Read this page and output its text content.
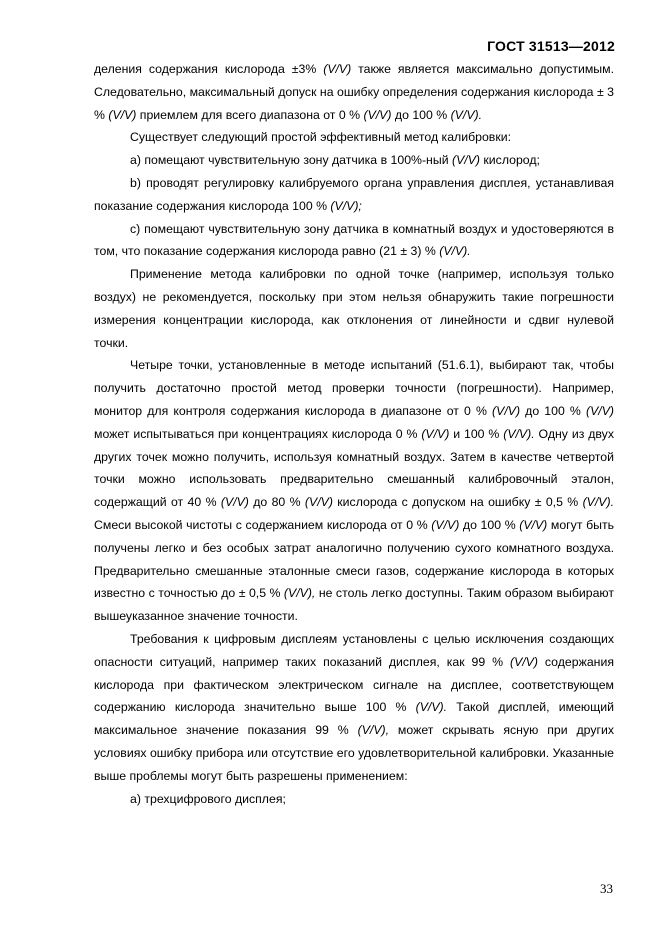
ГОСТ 31513—2012

деления содержания кислорода ±3% (V/V) также является максимально допустимым. Следовательно, максимальный допуск на ошибку определения содержания кислорода ± 3 % (V/V) приемлем для всего диапазона от 0 % (V/V) до 100 % (V/V).

Существует следующий простой эффективный метод калибровки:

а) помещают чувствительную зону датчика в 100%-ный (V/V) кислород;

b) проводят регулировку калибруемого органа управления дисплея, устанавливая показание содержания кислорода 100 % (V/V);

с) помещают чувствительную зону датчика в комнатный воздух и удостоверяются в том, что показание содержания кислорода равно (21 ± 3) % (V/V).

Применение метода калибровки по одной точке (например, используя только воздух) не рекомендуется, поскольку при этом нельзя обнаружить такие погрешности измерения концентрации кислорода, как отклонения от линейности и сдвиг нулевой точки.

Четыре точки, установленные в методе испытаний (51.6.1), выбирают так, чтобы получить достаточно простой метод проверки точности (погрешности). Например, монитор для контроля содержания кислорода в диапазоне от 0 % (V/V) до 100 % (V/V) может испытываться при концентрациях кислорода 0 % (V/V) и 100 % (V/V). Одну из двух других точек можно получить, используя комнатный воздух. Затем в качестве четвертой точки можно использовать предварительно смешанный калибровочный эталон, содержащий от 40 % (V/V) до 80 % (V/V) кислорода с допуском на ошибку ± 0,5 % (V/V). Смеси высокой чистоты с содержанием кислорода от 0 % (V/V) до 100 % (V/V) могут быть получены легко и без особых затрат аналогично получению сухого комнатного воздуха. Предварительно смешанные эталонные смеси газов, содержание кислорода в которых известно с точностью до ± 0,5 % (V/V), не столь легко доступны. Таким образом выбирают вышеуказанное значение точности.

Требования к цифровым дисплеям установлены с целью исключения создающих опасности ситуаций, например таких показаний дисплея, как 99 % (V/V) содержания кислорода при фактическом электрическом сигнале на дисплее, соответствующем содержанию кислорода значительно выше 100 % (V/V). Такой дисплей, имеющий максимальное значение показания 99 % (V/V), может скрывать ясную при других условиях ошибку прибора или отсутствие его удовлетворительной калибровки. Указанные выше проблемы могут быть разрешены применением:

а) трехцифрового дисплея;

33
